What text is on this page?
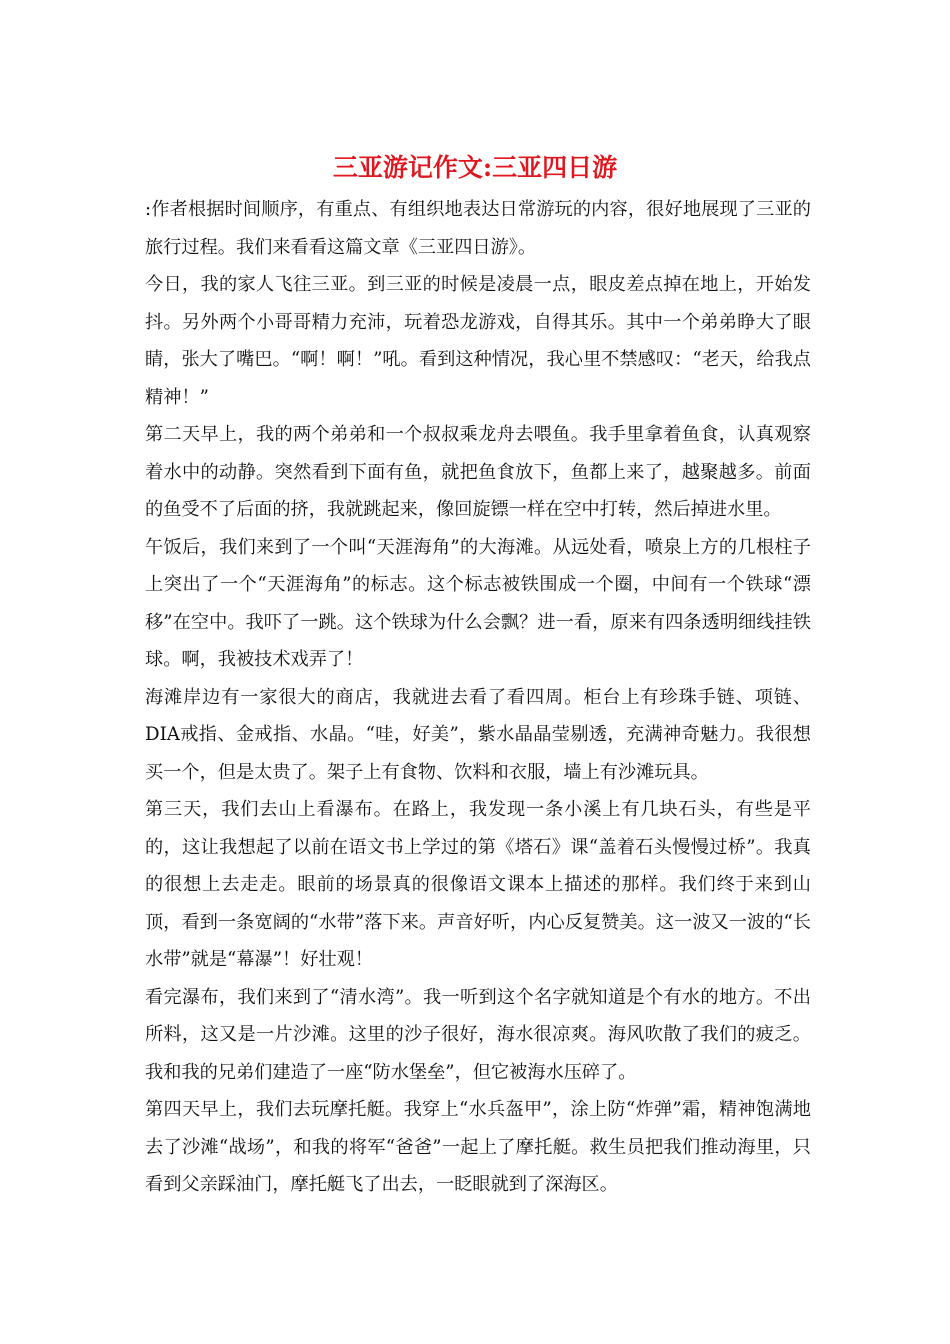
三亚游记作文:三亚四日游

:作者根据时间顺序，有重点、有组织地表达日常游玩的内容，很好地展现了三亚的旅行过程。我们来看看这篇文章《三亚四日游》。

今日，我的家人飞往三亚。到三亚的时候是凌晨一点，眼皮差点掉在地上，开始发抖。另外两个小哥哥精力充沛，玩着恐龙游戏，自得其乐。其中一个弟弟睁大了眼睛，张大了嘴巴。“啊！啊！”吼。看到这种情况，我心里不禁感叹：“老天，给我点精神！”

第二天早上，我的两个弟弟和一个叔叔乘龙舟去喂鱼。我手里拿着鱼食，认真观察着水中的动静。突然看到下面有鱼，就把鱼食放下，鱼都上来了，越聚越多。前面的鱼受不了后面的挤，我就跳起来，像回旋镖一样在空中打转，然后掉进水里。

午饭后，我们来到了一个叫“天涯海角”的大海滩。从远处看，喷泉上方的几根柱子上突出了一个“天涯海角”的标志。这个标志被铁围成一个圈，中间有一个铁球“漂移”在空中。我吓了一跳。这个铁球为什么会飘？进一看，原来有四条透明细线挂铁球。啊，我被技术戏弄了！

海滩岸边有一家很大的商店，我就进去看了看四周。柜台上有珍珠手链、项链、DIA戒指、金戒指、水晶。“哇，好美”，紫水晶晶莹剔透，充满神奇魅力。我很想买一个，但是太贵了。架子上有食物、饮料和衣服，墙上有沙滩玩具。

第三天，我们去山上看瀑布。在路上，我发现一条小溪上有几块石头，有些是平的，这让我想起了以前在语文书上学过的第《塔石》课“盖着石头慢慢过桥”。我真的很想上去走走。眼前的场景真的很像语文课本上描述的那样。我们终于来到山顶，看到一条宽阔的“水带”落下来。声音好听，内心反复赞美。这一波又一波的“长水带”就是“幕瀑”！好壮观！

看完瀑布，我们来到了“清水湾”。我一听到这个名字就知道是个有水的地方。不出所料，这又是一片沙滩。这里的沙子很好，海水很凉爽。海风吹散了我们的疲乏。我和我的兄弟们建造了一座“防水堡垒”，但它被海水压碎了。

第四天早上，我们去玩摩托艇。我穿上“水兵盔甲”，涂上防“炸弹”霜，精神饱满地去了沙滩“战场”，和我的将军“爸爸”一起上了摩托艇。救生员把我们推动海里，只看到父亲踩油门，摩托艇飞了出去，一眨眼就到了深海区。
